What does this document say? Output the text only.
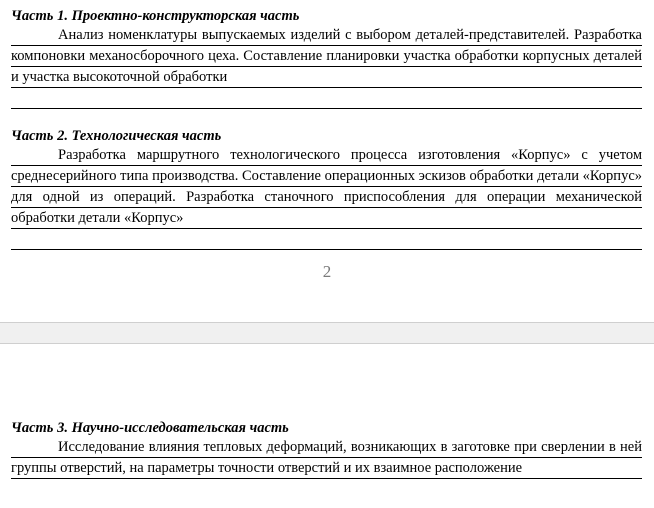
Часть 1. Проектно-конструкторская часть

Анализ номенклатуры выпускаемых изделий с выбором деталей-представителей. Разработка компоновки механосборочного цеха. Составление планировки участка обработки корпусных деталей и участка высокоточной обработки

Часть 2. Технологическая часть

Разработка маршрутного технологического процесса изготовления «Корпус» с учетом среднесерийного типа производства. Составление операционных эскизов обработки детали «Корпус» для одной из операций. Разработка станочного приспособления для операции механической обработки детали «Корпус»

2
Часть 3. Научно-исследовательская часть

Исследование влияния тепловых деформаций, возникающих в заготовке при сверлении в ней группы отверстий, на параметры точности отверстий и их взаимное расположение
